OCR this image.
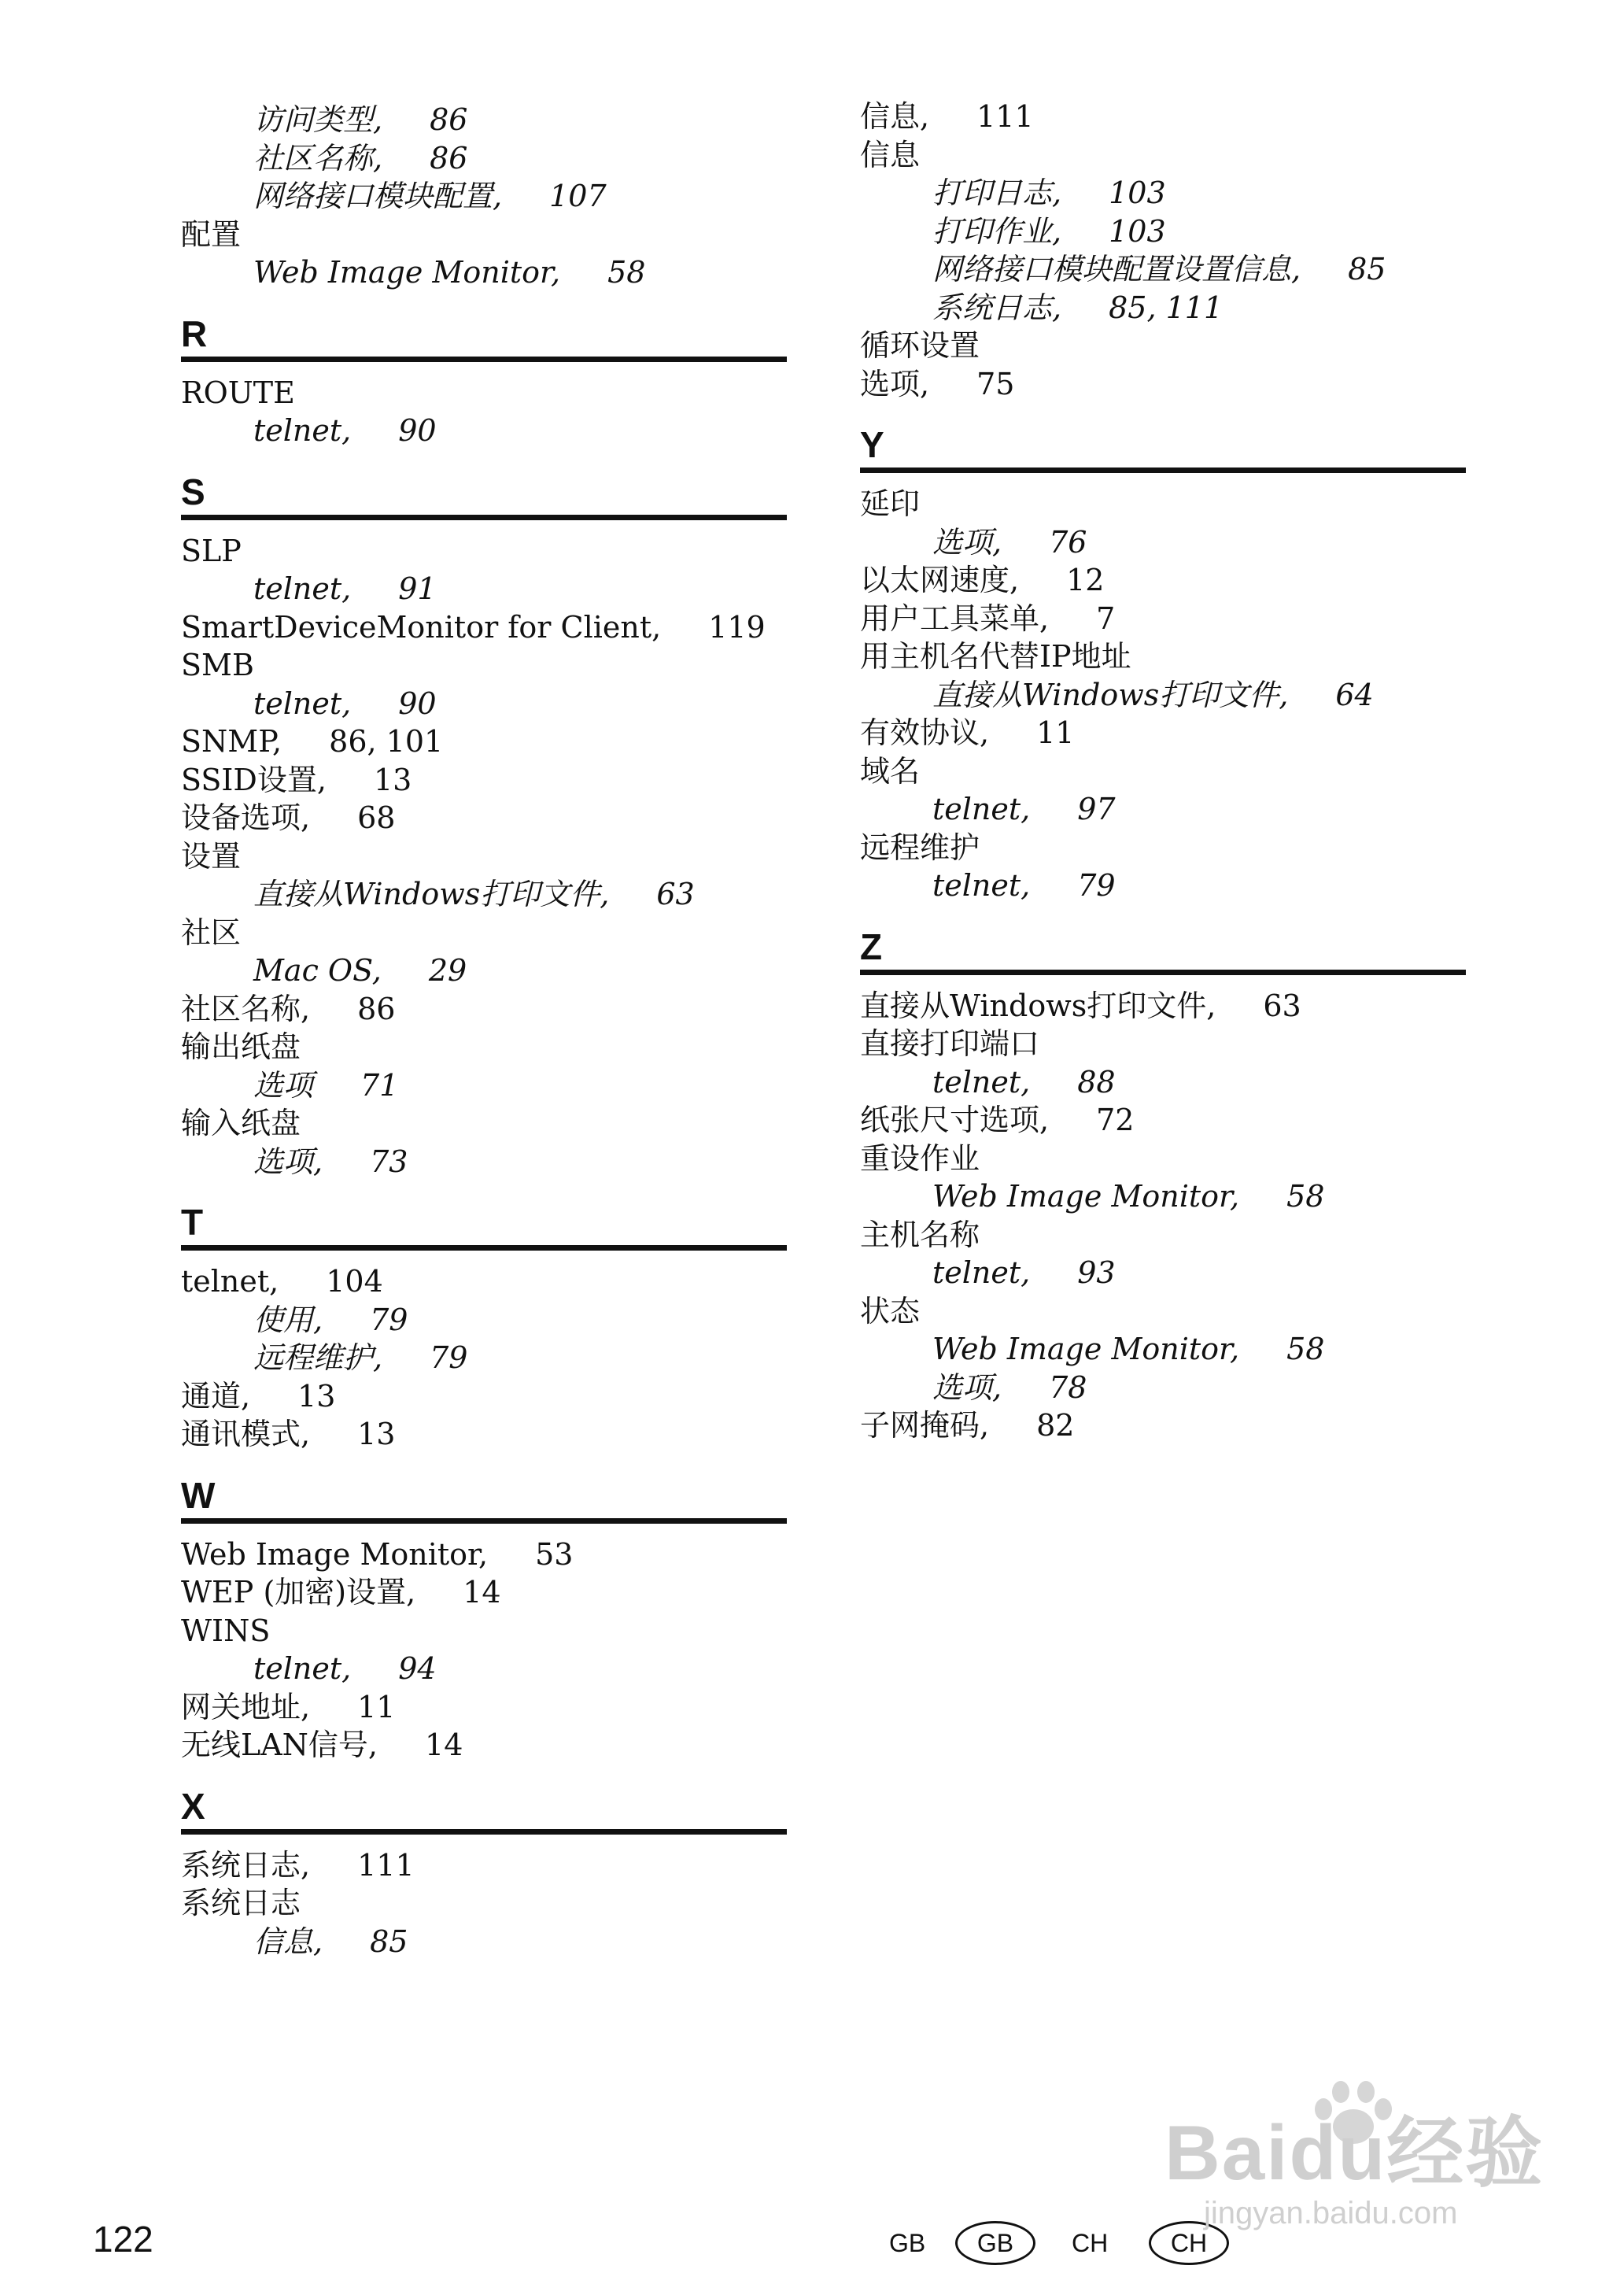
访问类型, 86
社区名称, 86
网络接口模块配置, 107
配置
Web Image Monitor, 58
R
ROUTE
telnet, 90
S
SLP
telnet, 91
SmartDeviceMonitor for Client, 119
SMB
telnet, 90
SNMP, 86, 101
SSID设置, 13
设备选项, 68
设置
直接从Windows打印文件, 63
社区
Mac OS, 29
社区名称, 86
输出纸盘
选项 71
输入纸盘
选项, 73
T
telnet, 104
使用, 79
远程维护, 79
通道, 13
通讯模式, 13
W
Web Image Monitor, 53
WEP (加密)设置, 14
WINS
telnet, 94
网关地址, 11
无线LAN信号, 14
X
系统日志, 111
系统日志
信息, 85
信息, 111
信息
打印日志, 103
打印作业, 103
网络接口模块配置设置信息, 85
系统日志, 85, 111
循环设置
选项, 75
Y
延印
选项, 76
以太网速度, 12
用户工具菜单, 7
用主机名代替IP地址
直接从Windows打印文件, 64
有效协议, 11
域名
telnet, 97
远程维护
telnet, 79
Z
直接从Windows打印文件, 63
直接打印端口
telnet, 88
纸张尺寸选项, 72
重设作业
Web Image Monitor, 58
主机名称
telnet, 93
状态
Web Image Monitor, 58
选项, 78
子网掩码, 82
122	GB	GB	CH	CH
Baidu经验
jingyan.baidu.com
